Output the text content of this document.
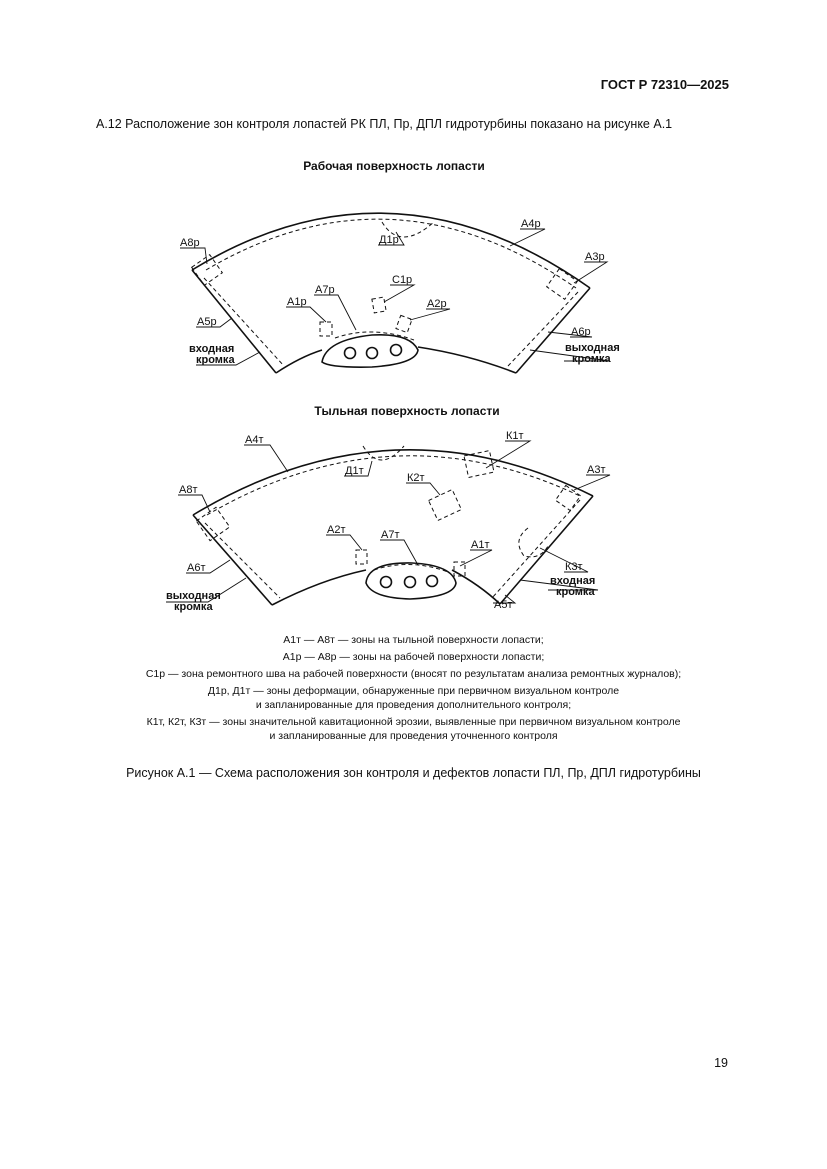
ГОСТ Р 72310—2025
А.12 Расположение зон контроля лопастей РК ПЛ, Пр, ДПЛ гидротурбины показано на рисунке А.1
Рабочая поверхность лопасти
А8р	Д1р
А4р
А3р
С1р
А1р
А7р
А2р
А5р
А6р
входная
кромка
выходная
кромка
Тыльная поверхность лопасти
А4т	К1т
Д1т
К2т
А8т
А3т
А2т	А7т
А1т
К3т
А6т
А5т
выходная
кромка
входная
кромка
А1т — А8т — зоны на тыльной поверхности лопасти;
А1р — А8р — зоны на рабочей поверхности лопасти;
С1р — зона ремонтного шва на рабочей поверхности (вносят по результатам анализа ремонтных журналов);
Д1р, Д1т — зоны деформации, обнаруженные при первичном визуальном контроле
и запланированные для проведения дополнительного контроля;
К1т, К2т, К3т — зоны значительной кавитационной эрозии, выявленные при первичном визуальном контроле
и запланированные для проведения уточненного контроля
Рисунок А.1 — Схема расположения зон контроля и дефектов лопасти ПЛ, Пр, ДПЛ гидротурбины
19
